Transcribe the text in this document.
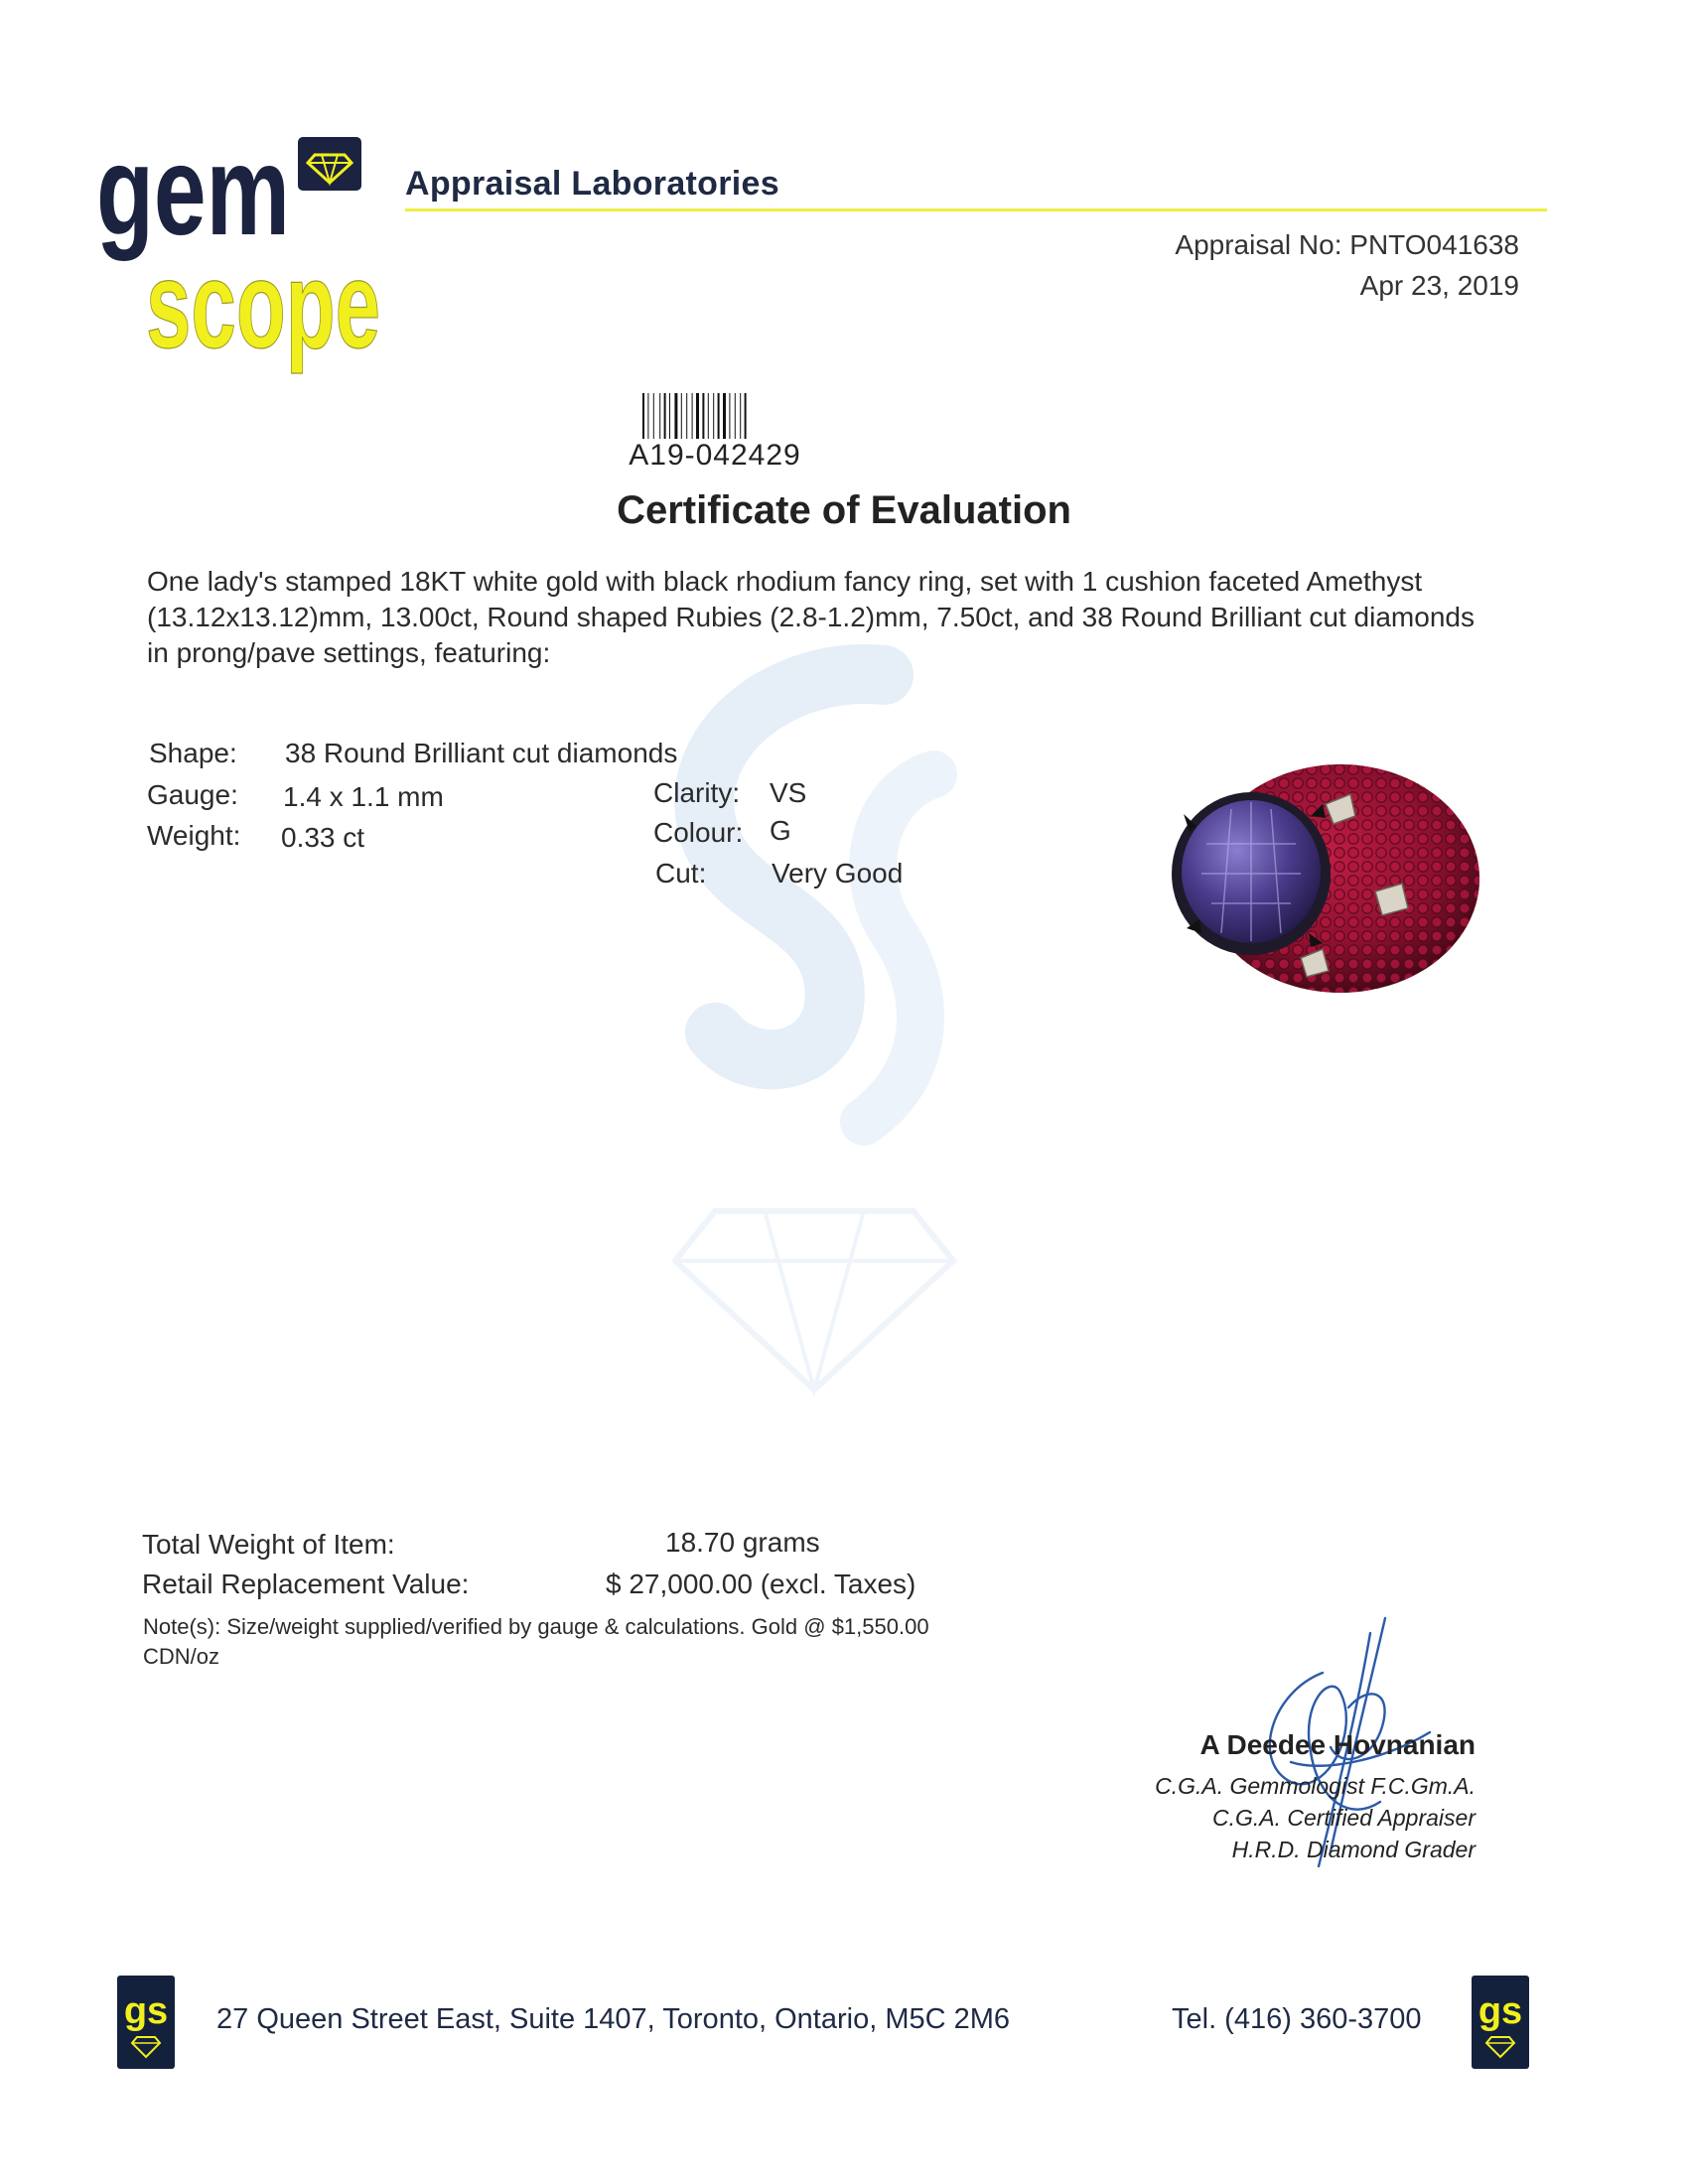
gem
scope
Appraisal Laboratories
Appraisal No: PNTO041638
Apr 23, 2019
A19-042429
Certificate of Evaluation
One lady's stamped 18KT white gold with black rhodium fancy ring, set with 1 cushion faceted Amethyst (13.12x13.12)mm, 13.00ct, Round shaped Rubies (2.8-1.2)mm, 7.50ct, and 38 Round Brilliant cut diamonds in prong/pave settings, featuring:
Shape: 38 Round Brilliant cut diamonds
Gauge: 1.4 x 1.1 mm
Weight: 0.33 ct
Clarity: VS
Colour: G
Cut: Very Good
Total Weight of Item:	18.70 grams
Retail Replacement Value:	$ 27,000.00 (excl. Taxes)
Note(s): Size/weight supplied/verified by gauge & calculations. Gold @ $1,550.00 CDN/oz
A Deedee Hovnanian
C.G.A. Gemmologist F.C.Gm.A.
C.G.A. Certified Appraiser
H.R.D. Diamond Grader
gs 27 Queen Street East, Suite 1407, Toronto, Ontario, M5C 2M6	Tel. (416) 360-3700 gs
